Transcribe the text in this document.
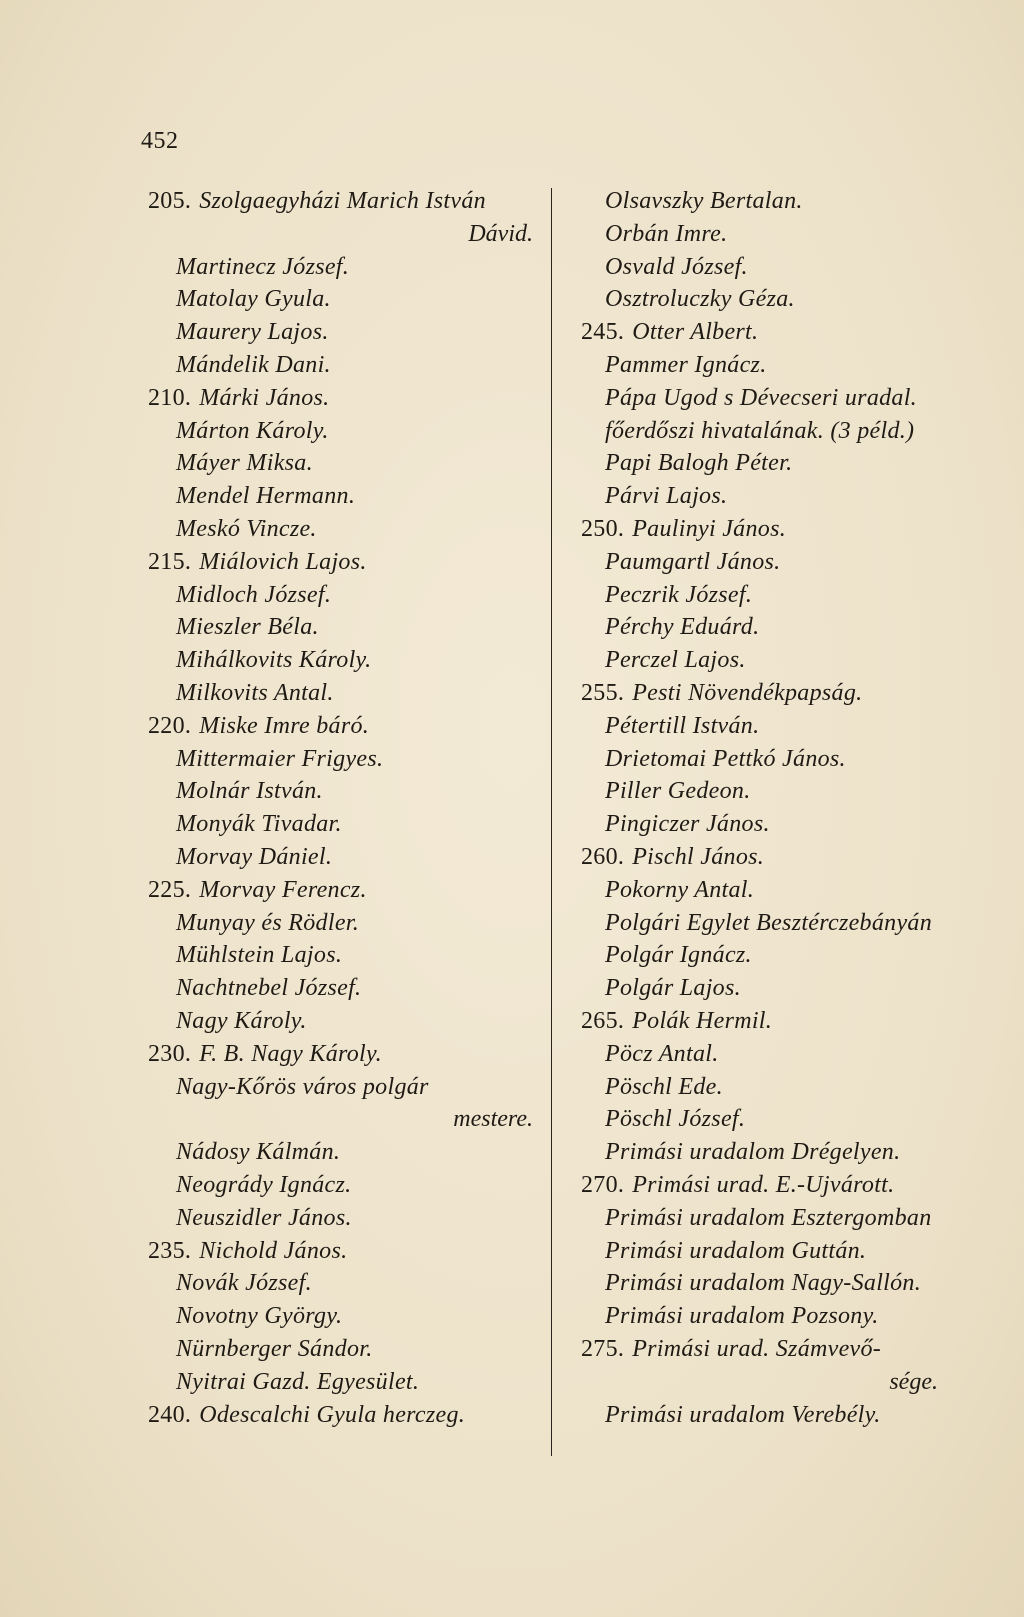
452
205. Szolgaegyházi Marich István
Dávid.
Martinecz József.
Matolay Gyula.
Maurery Lajos.
Mándelik Dani.
210. Márki János.
Márton Károly.
Máyer Miksa.
Mendel Hermann.
Meskó Vincze.
215. Miálovich Lajos.
Midloch József.
Mieszler Béla.
Mihálkovits Károly.
Milkovits Antal.
220. Miske Imre báró.
Mittermaier Frigyes.
Molnár István.
Monyák Tivadar.
Morvay Dániel.
225. Morvay Ferencz.
Munyay és Rödler.
Mühlstein Lajos.
Nachtnebel József.
Nagy Károly.
230. F. B. Nagy Károly.
Nagy-Kőrös város polgár
mestere.
Nádosy Kálmán.
Neogrády Ignácz.
Neuszidler János.
235. Nichold János.
Novák József.
Novotny György.
Nürnberger Sándor.
Nyitrai Gazd. Egyesület.
240. Odescalchi Gyula herczeg.
Olsavszky Bertalan.
Orbán Imre.
Osvald József.
Osztroluczky Géza.
245. Otter Albert.
Pammer Ignácz.
Pápa Ugod s Dévecseri uradal.
főerdőszi hivatalának. (3 péld.)
Papi Balogh Péter.
Párvi Lajos.
250. Paulinyi János.
Paumgartl János.
Peczrik József.
Pérchy Eduárd.
Perczel Lajos.
255. Pesti Növendékpapság.
Pétertill István.
Drietomai Pettkó János.
Piller Gedeon.
Pingiczer János.
260. Pischl János.
Pokorny Antal.
Polgári Egylet Besztérczebányán
Polgár Ignácz.
Polgár Lajos.
265. Polák Hermil.
Pöcz Antal.
Pöschl Ede.
Pöschl József.
Primási uradalom Drégelyen.
270. Primási urad. E.-Ujvárott.
Primási uradalom Esztergomban
Primási uradalom Guttán.
Primási uradalom Nagy-Sallón.
Primási uradalom Pozsony.
275. Primási urad. Számvevő-
sége.
Primási uradalom Verebély.
